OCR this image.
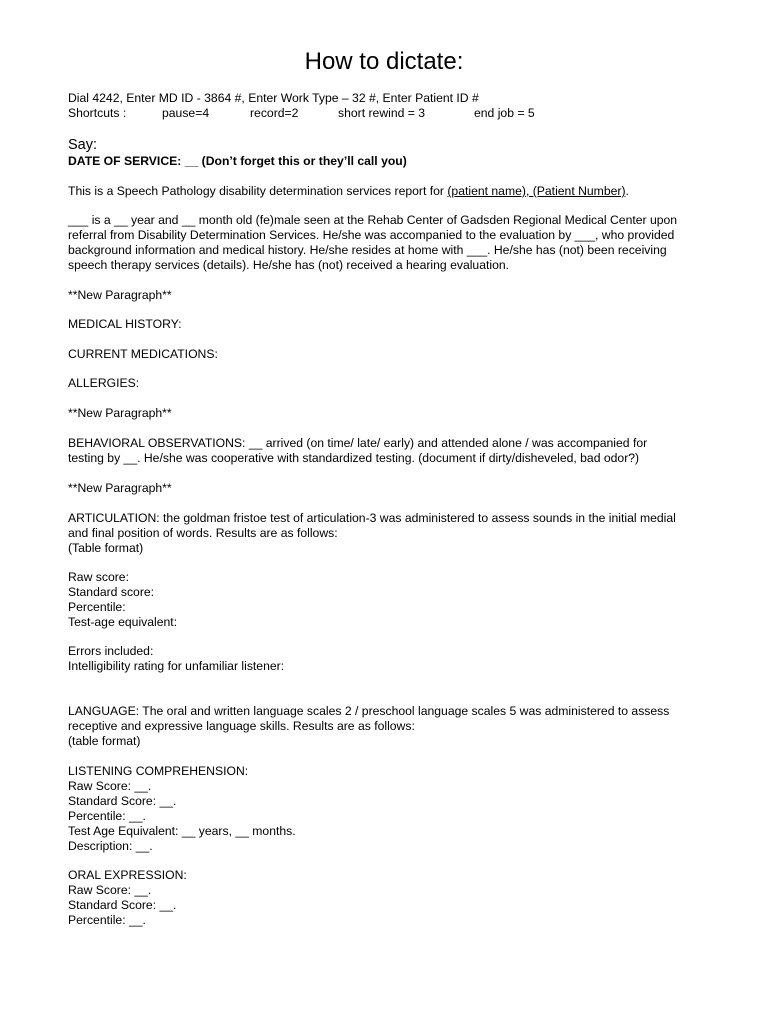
How to dictate:
Dial 4242, Enter MD ID - 3864 #, Enter Work Type – 32 #, Enter Patient ID #
Shortcuts :	pause=4	record=2	short rewind = 3	end job = 5
Say:
DATE OF SERVICE: __ (Don’t forget this or they’ll call you)
This is a Speech Pathology disability determination services report for (patient name), (Patient Number).
___ is a __ year and __ month old (fe)male seen at the Rehab Center of Gadsden Regional Medical Center upon
referral from Disability Determination Services. He/she was accompanied to the evaluation by ___, who provided
background information and medical history. He/she resides at home with ___. He/she has (not) been receiving
speech therapy services (details). He/she has (not) received a hearing evaluation.
**New Paragraph**
MEDICAL HISTORY:
CURRENT MEDICATIONS:
ALLERGIES:
**New Paragraph**
BEHAVIORAL OBSERVATIONS: __ arrived (on time/ late/ early) and attended alone / was accompanied for
testing by __. He/she was cooperative with standardized testing. (document if dirty/disheveled, bad odor?)
**New Paragraph**
ARTICULATION: the goldman fristoe test of articulation-3 was administered to assess sounds in the initial medial
and final position of words. Results are as follows:
(Table format)
Raw score:
Standard score:
Percentile:
Test-age equivalent:
Errors included:
Intelligibility rating for unfamiliar listener:
LANGUAGE: The oral and written language scales 2 / preschool language scales 5 was administered to assess
receptive and expressive language skills. Results are as follows:
(table format)
LISTENING COMPREHENSION:
Raw Score: __.
Standard Score: __.
Percentile: __.
Test Age Equivalent: __ years, __ months.
Description: __.
ORAL EXPRESSION:
Raw Score: __.
Standard Score: __.
Percentile: __.
